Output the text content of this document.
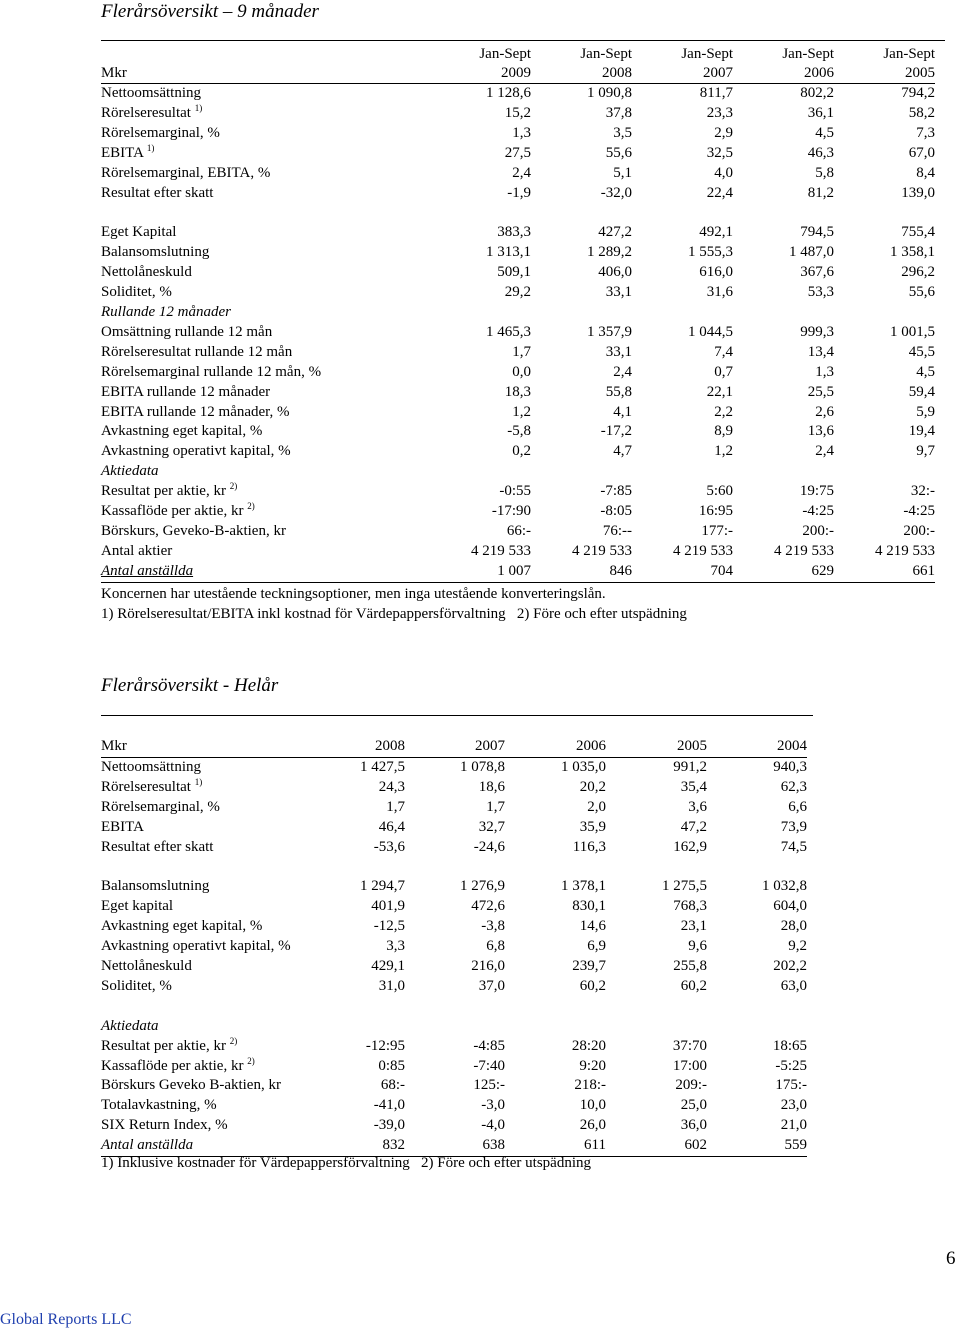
Flerårsöversikt – 9 månader
	Jan-Sept	Jan-Sept	Jan-Sept	Jan-Sept	Jan-Sept
Mkr	2009	2008	2007	2006	2005
Nettoomsättning	1 128,6	1 090,8	811,7	802,2	794,2
Rörelseresultat $^{1)}$	15,2	37,8	23,3	36,1	58,2
Rörelsemarginal, %	1,3	3,5	2,9	4,5	7,3
EBITA $^{1)}$	27,5	55,6	32,5	46,3	67,0
Rörelsemarginal, EBITA, %	2,4	5,1	4,0	5,8	8,4
Resultat efter skatt	-1,9	-32,0	22,4	81,2	139,0

Eget Kapital	383,3	427,2	492,1	794,5	755,4
Balansomslutning	1 313,1	1 289,2	1 555,3	1 487,0	1 358,1
Nettolåneskuld	509,1	406,0	616,0	367,6	296,2
Soliditet, %	29,2	33,1	31,6	53,3	55,6
Rullande 12 månader					
Omsättning rullande 12 mån	1 465,3	1 357,9	1 044,5	999,3	1 001,5
Rörelseresultat rullande 12 mån	1,7	33,1	7,4	13,4	45,5
Rörelsemarginal rullande 12 mån, %	0,0	2,4	0,7	1,3	4,5
EBITA rullande 12 månader	18,3	55,8	22,1	25,5	59,4
EBITA rullande 12 månader, %	1,2	4,1	2,2	2,6	5,9
Avkastning eget kapital, %	-5,8	-17,2	8,9	13,6	19,4
Avkastning operativt kapital, %	0,2	4,7	1,2	2,4	9,7
Aktiedata					
Resultat per aktie, kr $^{2)}$	-0:55	-7:85	5:60	19:75	32:-
Kassaflöde per aktie, kr $^{2)}$	-17:90	-8:05	16:95	-4:25	-4:25
Börskurs, Geveko-B-aktien, kr	66:-	76:--	177:-	200:-	200:-
Antal aktier	4 219 533	4 219 533	4 219 533	4 219 533	4 219 533
Antal anställda	1 007	846	704	629	661
Koncernen har utestående teckningsoptioner, men inga utestående konverteringslån.
1) Rörelseresultat/EBITA inkl kostnad för Värdepappersförvaltning   2) Före och efter utspädning
Flerårsöversikt - Helår
Mkr	2008	2007	2006	2005	2004
Nettoomsättning	1 427,5	1 078,8	1 035,0	991,2	940,3
Rörelseresultat $^{1)}$	24,3	18,6	20,2	35,4	62,3
Rörelsemarginal, %	1,7	1,7	2,0	3,6	6,6
EBITA	46,4	32,7	35,9	47,2	73,9
Resultat efter skatt	-53,6	-24,6	116,3	162,9	74,5

Balansomslutning	1 294,7	1 276,9	1 378,1	1 275,5	1 032,8
Eget kapital	401,9	472,6	830,1	768,3	604,0
Avkastning eget kapital, %	-12,5	-3,8	14,6	23,1	28,0
Avkastning operativt kapital, %	3,3	6,8	6,9	9,6	9,2
Nettolåneskuld	429,1	216,0	239,7	255,8	202,2
Soliditet, %	31,0	37,0	60,2	60,2	63,0

Aktiedata					
Resultat per aktie, kr $^{2)}$	-12:95	-4:85	28:20	37:70	18:65
Kassaflöde per aktie, kr $^{2)}$	0:85	-7:40	9:20	17:00	-5:25
Börskurs Geveko B-aktien, kr	68:-	125:-	218:-	209:-	175:-
Totalavkastning, %	-41,0	-3,0	10,0	25,0	23,0
SIX Return Index, %	-39,0	-4,0	26,0	36,0	21,0
Antal anställda	832	638	611	602	559
1) Inklusive kostnader för Värdepappersförvaltning   2) Före och efter utspädning
6
Global Reports LLC
